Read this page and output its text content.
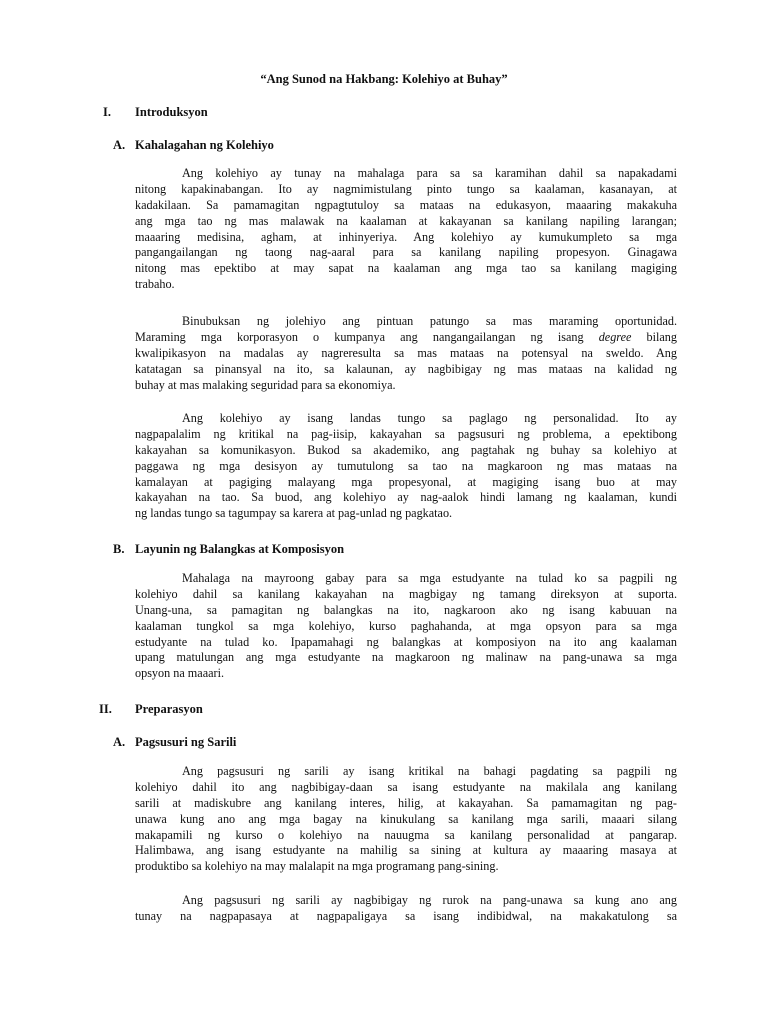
“Ang Sunod na Hakbang: Kolehiyo at Buhay”
I. Introduksyon
A. Kahalagahan ng Kolehiyo
Ang kolehiyo ay tunay na mahalaga para sa sa karamihan dahil sa napakadami
nitong kapakinabangan. Ito ay nagmimistulang pinto tungo sa kaalaman, kasanayan, at
kadakilaan. Sa pamamagitan ngpagtutuloy sa mataas na edukasyon, maaaring makakuha
ang mga tao ng mas malawak na kaalaman at kakayanan sa kanilang napiling larangan;
maaaring medisina, agham, at inhinyeriya. Ang kolehiyo ay kumukumpleto sa mga
pangangailangan ng taong nag-aaral para sa kanilang napiling propesyon. Ginagawa
nitong mas epektibo at may sapat na kaalaman ang mga tao sa kanilang magiging
trabaho.
Binubuksan ng jolehiyo ang pintuan patungo sa mas maraming oportunidad.
Maraming mga korporasyon o kumpanya ang nangangailangan ng isang degree bilang
kwalipikasyon na madalas ay nagreresulta sa mas mataas na potensyal na sweldo. Ang
katatagan sa pinansyal na ito, sa kalaunan, ay nagbibigay ng mas mataas na kalidad ng
buhay at mas malaking seguridad para sa ekonomiya.
Ang kolehiyo ay isang landas tungo sa paglago ng personalidad. Ito ay
nagpapalalim ng kritikal na pag-iisip, kakayahan sa pagsusuri ng problema, a epektibong
kakayahan sa komunikasyon. Bukod sa akademiko, ang pagtahak ng buhay sa kolehiyo at
paggawa ng mga desisyon ay tumutulong sa tao na magkaroon ng mas mataas na
kamalayan at pagiging malayang mga propesyonal, at magiging isang buo at may
kakayahan na tao. Sa buod, ang kolehiyo ay nag-aalok hindi lamang ng kaalaman, kundi
ng landas tungo sa tagumpay sa karera at pag-unlad ng pagkatao.
B. Layunin ng Balangkas at Komposisyon
Mahalaga na mayroong gabay para sa mga estudyante na tulad ko sa pagpili ng
kolehiyo dahil sa kanilang kakayahan na magbigay ng tamang direksyon at suporta.
Unang-una, sa pamagitan ng balangkas na ito, nagkaroon ako ng isang kabuuan na
kaalaman tungkol sa mga kolehiyo, kurso paghahanda, at mga opsyon para sa mga
estudyante na tulad ko. Ipapamahagi ng balangkas at komposiyon na ito ang kaalaman
upang matulungan ang mga estudyante na magkaroon ng malinaw na pang-unawa sa mga
opsyon na maaari.
II. Preparasyon
A. Pagsusuri ng Sarili
Ang pagsusuri ng sarili ay isang kritikal na bahagi pagdating sa pagpili ng
kolehiyo dahil ito ang nagbibigay-daan sa isang estudyante na makilala ang kanilang
sarili at madiskubre ang kanilang interes, hilig, at kakayahan. Sa pamamagitan ng pag-
unawa kung ano ang mga bagay na kinukulang sa kanilang mga sarili, maaari silang
makapamili ng kurso o kolehiyo na nauugma sa kanilang personalidad at pangarap.
Halimbawa, ang isang estudyante na mahilig sa sining at kultura ay maaaring masaya at
produktibo sa kolehiyo na may malalapit na mga programang pang-sining.
Ang pagsusuri ng sarili ay nagbibigay ng rurok na pang-unawa sa kung ano ang
tunay na nagpapasaya at nagpapaligaya sa isang indibidwal, na makakatulong sa
